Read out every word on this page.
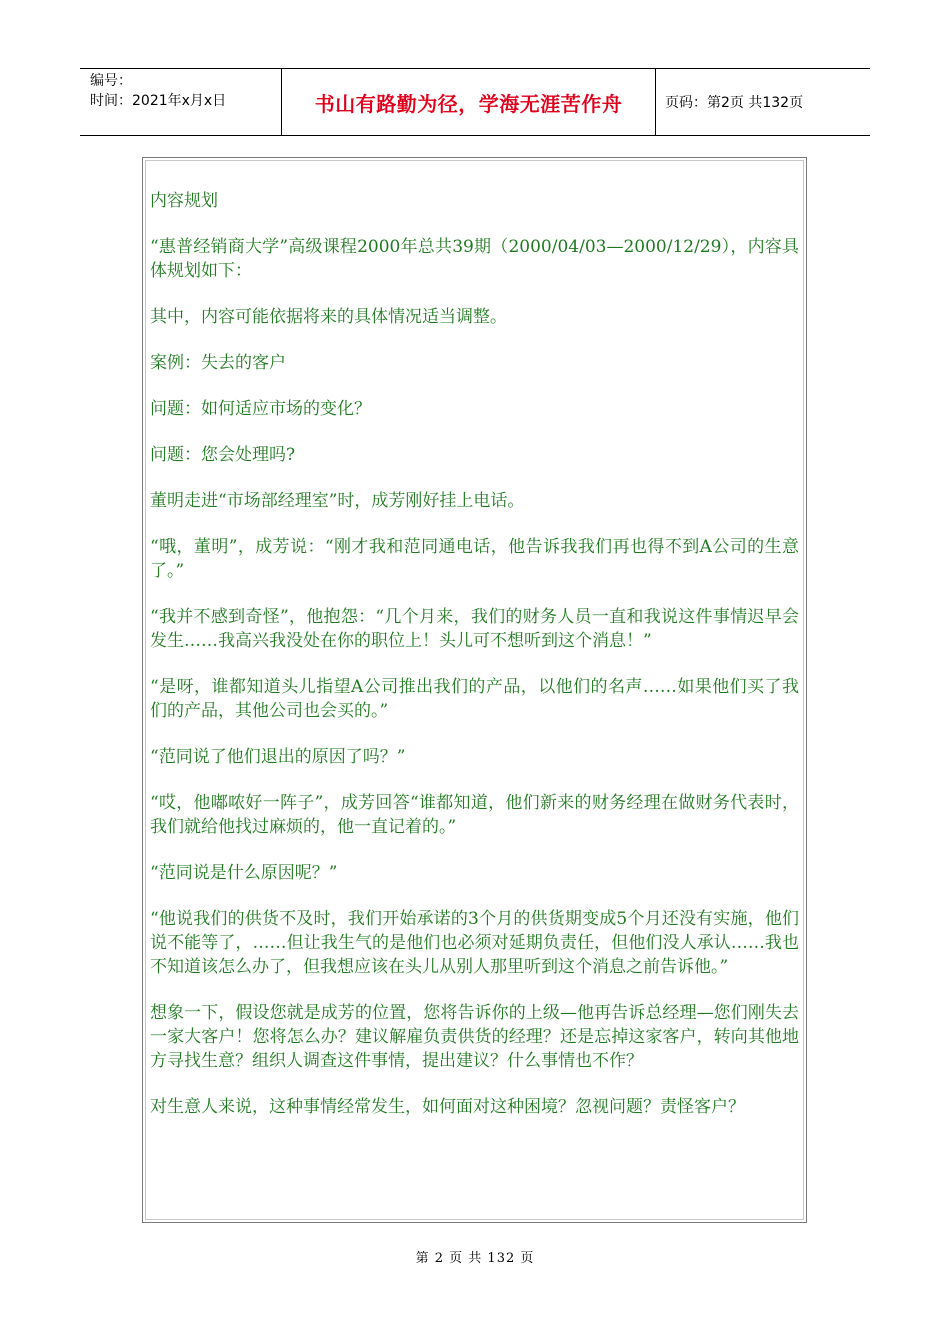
编号：
时间：2021年x月x日	书山有路勤为径，学海无涯苦作舟	页码：第2页 共132页

内容规划

“惠普经销商大学”高级课程2000年总共39期（2000/04/03—2000/12/29），内容具体规划如下：

其中，内容可能依据将来的具体情况适当调整。

案例：失去的客户

问题：如何适应市场的变化？

问题：您会处理吗?

董明走进“市场部经理室”时，成芳刚好挂上电话。

“哦，董明”，成芳说：“刚才我和范同通电话，他告诉我我们再也得不到A公司的生意了。”

“我并不感到奇怪”，他抱怨：“几个月来，我们的财务人员一直和我说这件事情迟早会发生……我高兴我没处在你的职位上！头儿可不想听到这个消息！”

“是呀，谁都知道头儿指望A公司推出我们的产品，以他们的名声……如果他们买了我们的产品，其他公司也会买的。”

“范同说了他们退出的原因了吗？”

“哎，他嘟哝好一阵子”，成芳回答“谁都知道，他们新来的财务经理在做财务代表时，我们就给他找过麻烦的，他一直记着的。”

“范同说是什么原因呢？”

“他说我们的供货不及时，我们开始承诺的3个月的供货期变成5个月还没有实施，他们说不能等了，……但让我生气的是他们也必须对延期负责任，但他们没人承认……我也不知道该怎么办了，但我想应该在头儿从别人那里听到这个消息之前告诉他。”

想象一下，假设您就是成芳的位置，您将告诉你的上级—他再告诉总经理—您们刚失去一家大客户！您将怎么办？建议解雇负责供货的经理？还是忘掉这家客户，转向其他地方寻找生意？组织人调查这件事情，提出建议？什么事情也不作？

对生意人来说，这种事情经常发生，如何面对这种困境？忽视问题？责怪客户？

第 2 页 共 132 页
